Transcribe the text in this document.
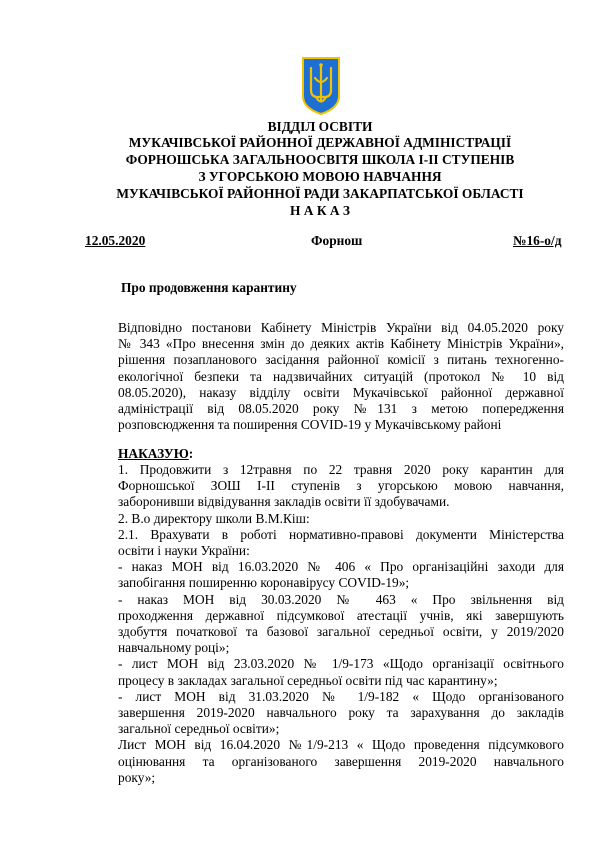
ВІДДІЛ ОСВІТИ
МУКАЧІВСЬКОЇ РАЙОННОЇ ДЕРЖАВНОЇ АДМІНІСТРАЦІЇ
ФОРНОШСЬКА ЗАГАЛЬНООСВІТЯ ШКОЛА І-ІІ СТУПЕНІВ
З УГОРСЬКОЮ МОВОЮ НАВЧАННЯ
МУКАЧІВСЬКОЇ РАЙОННОЇ РАДИ ЗАКАРПАТСЬКОЇ ОБЛАСТІ
Н А К А З
12.05.2020	Форнош	№16-о/д
Про продовження карантину
Відповідно постанови Кабінету Міністрів України від 04.05.2020 року
№ 343 «Про внесення змін до деяких актів Кабінету Міністрів України»,
рішення позапланового засідання районної комісії з питань техногенно-
екологічної безпеки та надзвичайних ситуацій (протокол № 10 від
08.05.2020), наказу відділу освіти Мукачівської районної державної
адміністрації від 08.05.2020 року №131 з метою попередження
розповсюдження та поширення COVID-19 у Мукачівському районі
НАКАЗУЮ:
1. Продовжити з 12травня по 22 травня 2020 року карантин для
Форношської ЗОШ І-ІІ ступенів з угорською мовою навчання,
заборонивши відвідування закладів освіти її здобувачами.
2. В.о директору школи В.М.Кіш:
2.1. Врахувати в роботі нормативно-правові документи Міністерства
освіти і науки України:
- наказ МОН від 16.03.2020 № 406 « Про організаційні заходи для
запобігання поширенню коронавірусу COVID-19»;
- наказ МОН від 30.03.2020 № 463 « Про звільнення від
проходження державної підсумкової атестації учнів, які завершують
здобуття початкової та базової загальної середньої освіти, у 2019/2020
навчальному році»;
- лист МОН від 23.03.2020 № 1/9-173 «Щодо організації освітнього
процесу в закладах загальної середньої освіти під час карантину»;
- лист МОН від 31.03.2020 № 1/9-182 « Щодо організованого
завершення 2019-2020 навчального року та зарахування до закладів
загальної середньої освіти»;
Лист МОН від 16.04.2020 №1/9-213 « Щодо проведення підсумкового
оцінювання та організованого завершення 2019-2020 навчального
року»;
